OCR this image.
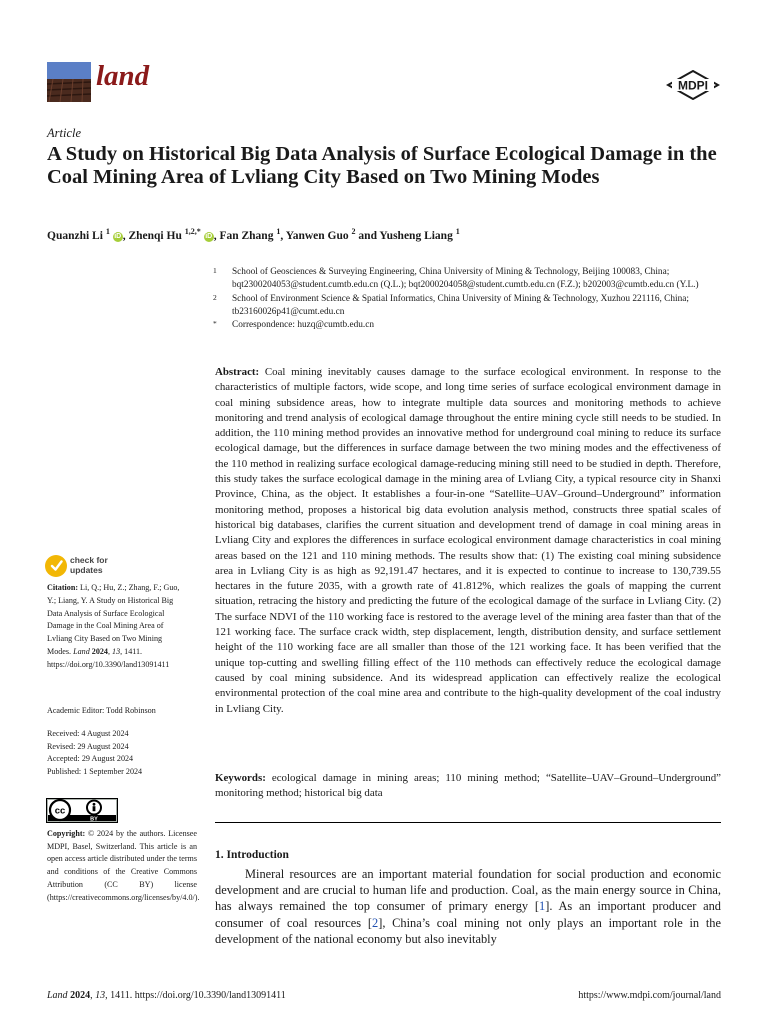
land	MDPI
Article
A Study on Historical Big Data Analysis of Surface Ecological Damage in the Coal Mining Area of Lvliang City Based on Two Mining Modes
Quanzhi Li $^1$ iD , Zhenqi Hu $^{1,2,*}$ iD , Fan Zhang $^1$, Yanwen Guo $^2$ and Yusheng Liang $^1$
1 School of Geosciences & Surveying Engineering, China University of Mining & Technology, Beijing 100083, China; bqt2300204053@student.cumtb.edu.cn (Q.L.); bqt2000204058@student.cumtb.edu.cn (F.Z.); b202003@cumtb.edu.cn (Y.L.)
2 School of Environment Science & Spatial Informatics, China University of Mining & Technology, Xuzhou 221116, China; tb23160026p41@cumt.edu.cn
* Correspondence: huzq@cumtb.edu.cn

Abstract: Coal mining inevitably causes damage to the surface ecological environment. In response to the characteristics of multiple factors, wide scope, and long time series of surface ecological environment damage in coal mining subsidence areas, how to integrate multiple data sources and monitoring methods to achieve monitoring and trend analysis of ecological damage throughout the entire mining cycle still needs to be studied. In addition, the 110 mining method provides an innovative method for underground coal mining to reduce its surface ecological damage, but the differences in surface damage between the two mining modes and the effectiveness of the 110 method in realizing surface ecological damage-reducing mining still need to be studied in depth. Therefore, this study takes the surface ecological damage in the mining area of Lvliang City, a typical resource city in Shanxi Province, China, as the object. It establishes a four-in-one “Satellite–UAV–Ground–Underground” information monitoring method, proposes a historical big data evolution analysis method, constructs three spatial scales of historical big databases, clarifies the current situation and development trend of damage in coal mining areas in Lvliang City and explores the differences in surface ecological environment damage characteristics in coal mining areas based on the 121 and 110 mining methods. The results show that: (1) The existing coal mining subsidence area in Lvliang City is as high as 92,191.47 hectares, and it is expected to continue to increase to 130,739.55 hectares in the future 2035, with a growth rate of 41.812%, which realizes the goals of mapping the current situation, retracing the history and predicting the future of the ecological damage of the surface in Lvliang City. (2) The surface NDVI of the 110 working face is restored to the average level of the mining area faster than that of the 121 working face. The surface crack width, step displacement, length, distribution density, and surface settlement height of the 110 working face are all smaller than those of the 121 working face. It has been verified that the unique top-cutting and swelling filling effect of the 110 methods can effectively reduce the ecological damage caused by coal mining subsidence. And its widespread application can effectively realize the ecological environmental protection of the coal mine area and contribute to the high-quality development of the coal industry in Lvliang City.

Keywords: ecological damage in mining areas; 110 mining method; “Satellite–UAV–Ground–Underground” monitoring method; historical big data

1. Introduction

Mineral resources are an important material foundation for social production and economic development and are crucial to human life and production. Coal, as the main energy source in China, has always remained the top consumer of primary energy [1]. As an important producer and consumer of coal resources [2], China’s coal mining not only plays an important role in the development of the national economy but also inevitably

check for
updates
Citation: Li, Q.; Hu, Z.; Zhang, F.; Guo, Y.; Liang, Y. A Study on Historical Big Data Analysis of Surface Ecological Damage in the Coal Mining Area of Lvliang City Based on Two Mining Modes. Land 2024, 13, 1411. https://doi.org/10.3390/land13091411
Academic Editor: Todd Robinson
Received: 4 August 2024
Revised: 29 August 2024
Accepted: 29 August 2024
Published: 1 September 2024
cc
BY
Copyright: © 2024 by the authors. Licensee MDPI, Basel, Switzerland. This article is an open access article distributed under the terms and conditions of the Creative Commons Attribution (CC BY) license (https://creativecommons.org/licenses/by/4.0/).
Land 2024, 13, 1411. https://doi.org/10.3390/land13091411	https://www.mdpi.com/journal/land
